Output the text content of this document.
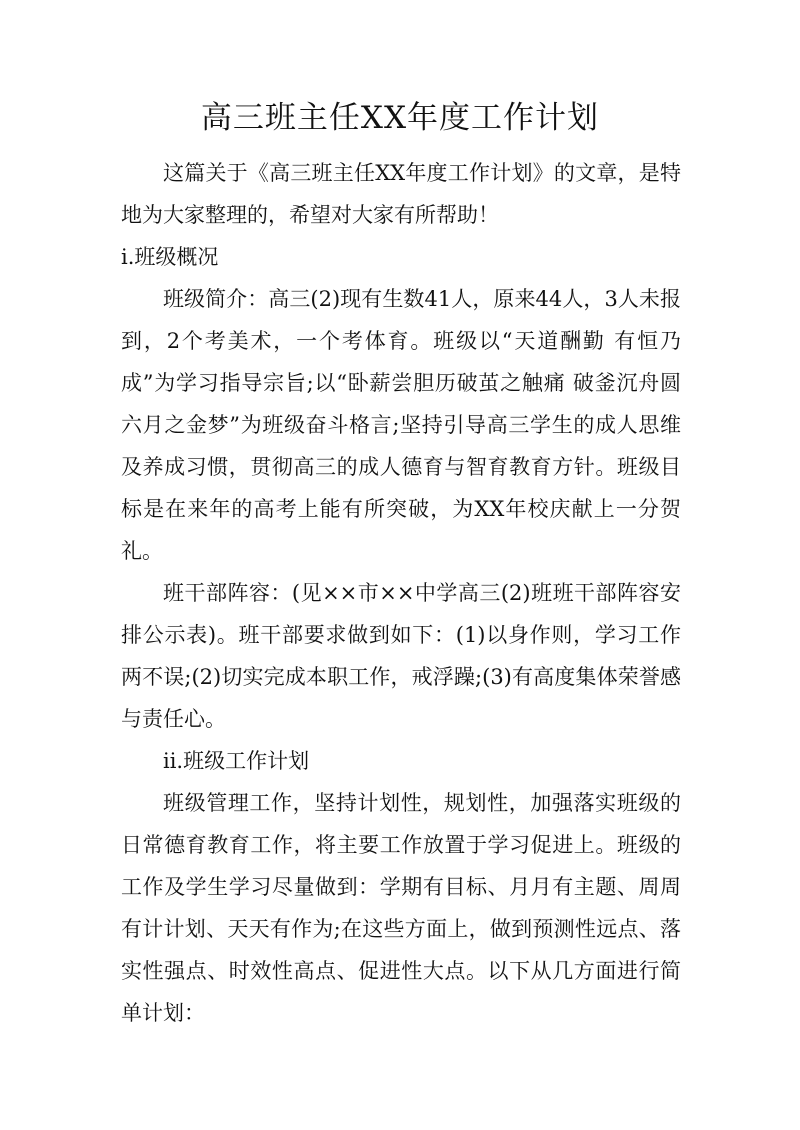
高三班主任XX年度工作计划
这篇关于《高三班主任XX年度工作计划》的文章，是特地为大家整理的，希望对大家有所帮助！
ⅰ.班级概况
班级简介：高三(2)现有生数41人，原来44人，3人未报到，2个考美术，一个考体育。班级以“天道酬勤 有恒乃成”为学习指导宗旨;以“卧薪尝胆历破茧之触痛 破釜沉舟圆六月之金梦”为班级奋斗格言;坚持引导高三学生的成人思维及养成习惯，贯彻高三的成人德育与智育教育方针。班级目标是在来年的高考上能有所突破，为XX年校庆献上一分贺礼。
班干部阵容：(见××市××中学高三(2)班班干部阵容安排公示表)。班干部要求做到如下：(1)以身作则，学习工作两不误;(2)切实完成本职工作，戒浮躁;(3)有高度集体荣誉感与责任心。
ⅱ.班级工作计划
班级管理工作，坚持计划性，规划性，加强落实班级的日常德育教育工作，将主要工作放置于学习促进上。班级的工作及学生学习尽量做到：学期有目标、月月有主题、周周有计计划、天天有作为;在这些方面上，做到预测性远点、落实性强点、时效性高点、促进性大点。以下从几方面进行简单计划：
